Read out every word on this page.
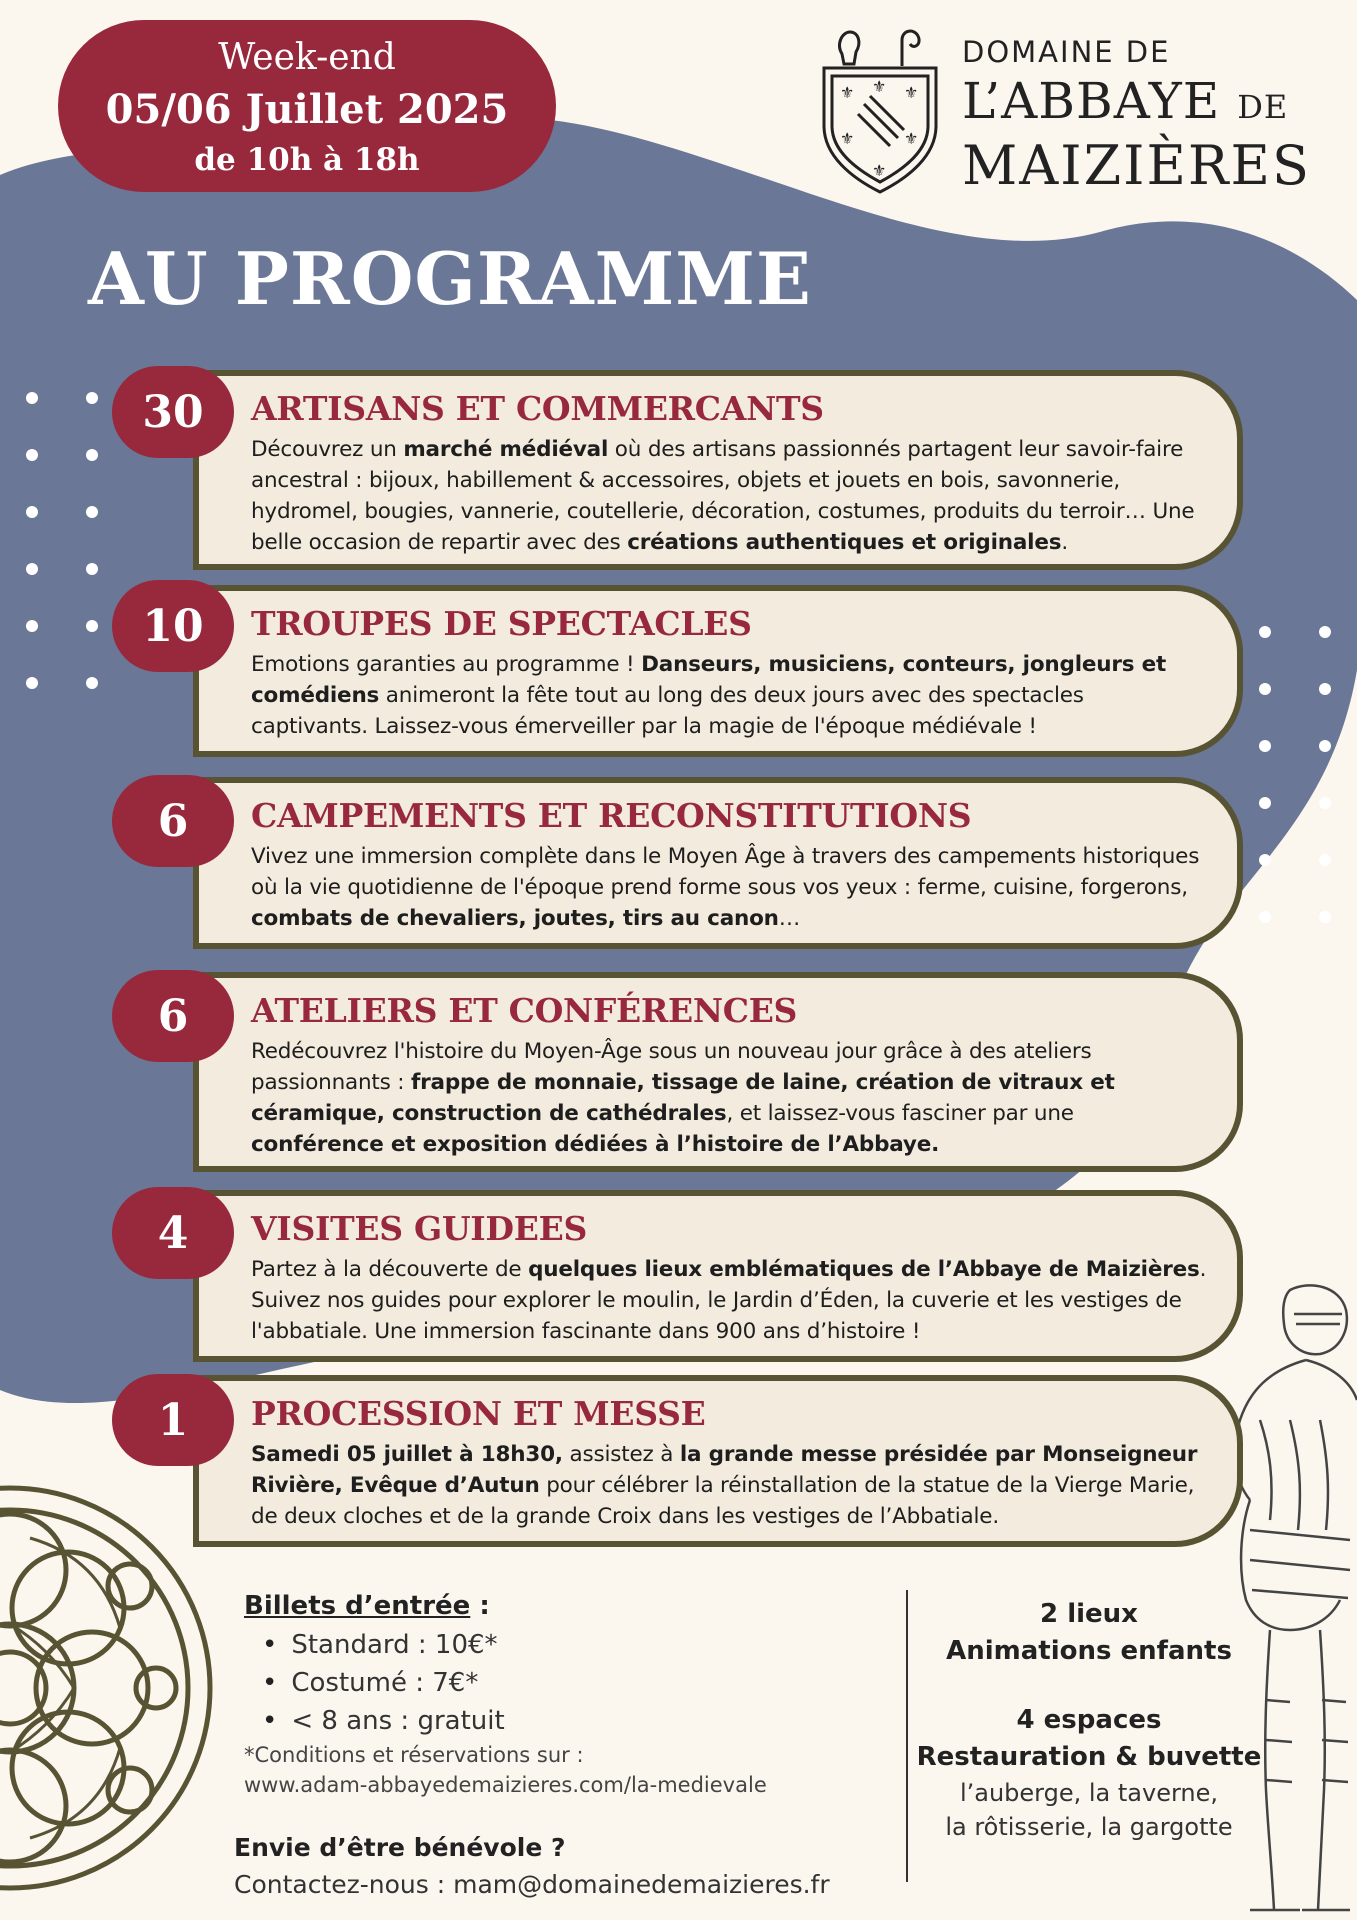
Week-end
05/06 Juillet 2025
de 10h à 18h
⚜	⚜
⚜	⚜
⚜
⚜
DOMAINE DE
L’ABBAYE DE
MAIZIÈRES
AU PROGRAMME
ARTISANS ET COMMERCANTS

Découvrez un marché médiéval où des artisans passionnés partagent leur savoir-faire ancestral : bijoux, habillement & accessoires, objets et jouets en bois, savonnerie, hydromel, bougies, vannerie, coutellerie, décoration, costumes, produits du terroir… Une belle occasion de repartir avec des créations authentiques et originales.

30
TROUPES DE SPECTACLES

Emotions garanties au programme ! Danseurs, musiciens, conteurs, jongleurs et comédiens animeront la fête tout au long des deux jours avec des spectacles captivants. Laissez-vous émerveiller par la magie de l'époque médiévale !

10
CAMPEMENTS ET RECONSTITUTIONS

Vivez une immersion complète dans le Moyen Âge à travers des campements historiques où la vie quotidienne de l'époque prend forme sous vos yeux : ferme, cuisine, forgerons, combats de chevaliers, joutes, tirs au canon…

6
ATELIERS ET CONFÉRENCES

Redécouvrez l'histoire du Moyen-Âge sous un nouveau jour grâce à des ateliers passionnants : frappe de monnaie, tissage de laine, création de vitraux et céramique, construction de cathédrales, et laissez-vous fasciner par une conférence et exposition dédiées à l’histoire de l’Abbaye.

6
VISITES GUIDEES

Partez à la découverte de quelques lieux emblématiques de l’Abbaye de Maizières. Suivez nos guides pour explorer le moulin, le Jardin d’Éden, la cuverie et les vestiges de l'abbatiale. Une immersion fascinante dans 900 ans d’histoire !

4
PROCESSION ET MESSE

Samedi 05 juillet à 18h30, assistez à la grande messe présidée par Monseigneur Rivière, Evêque d’Autun pour célébrer la réinstallation de la statue de la Vierge Marie, de deux cloches et de la grande Croix dans les vestiges de l’Abbatiale.

1
Billets d’entrée :
• Standard : 10€*
• Costumé : 7€*
• < 8 ans : gratuit
*Conditions et réservations sur :
www.adam-abbayedemaizieres.com/la-medievale
Envie d’être bénévole ?
Contactez-nous : mam@domainedemaizieres.fr
2 lieux
Animations enfants
4 espaces
Restauration & buvette
l’auberge, la taverne,
la rôtisserie, la gargotte
